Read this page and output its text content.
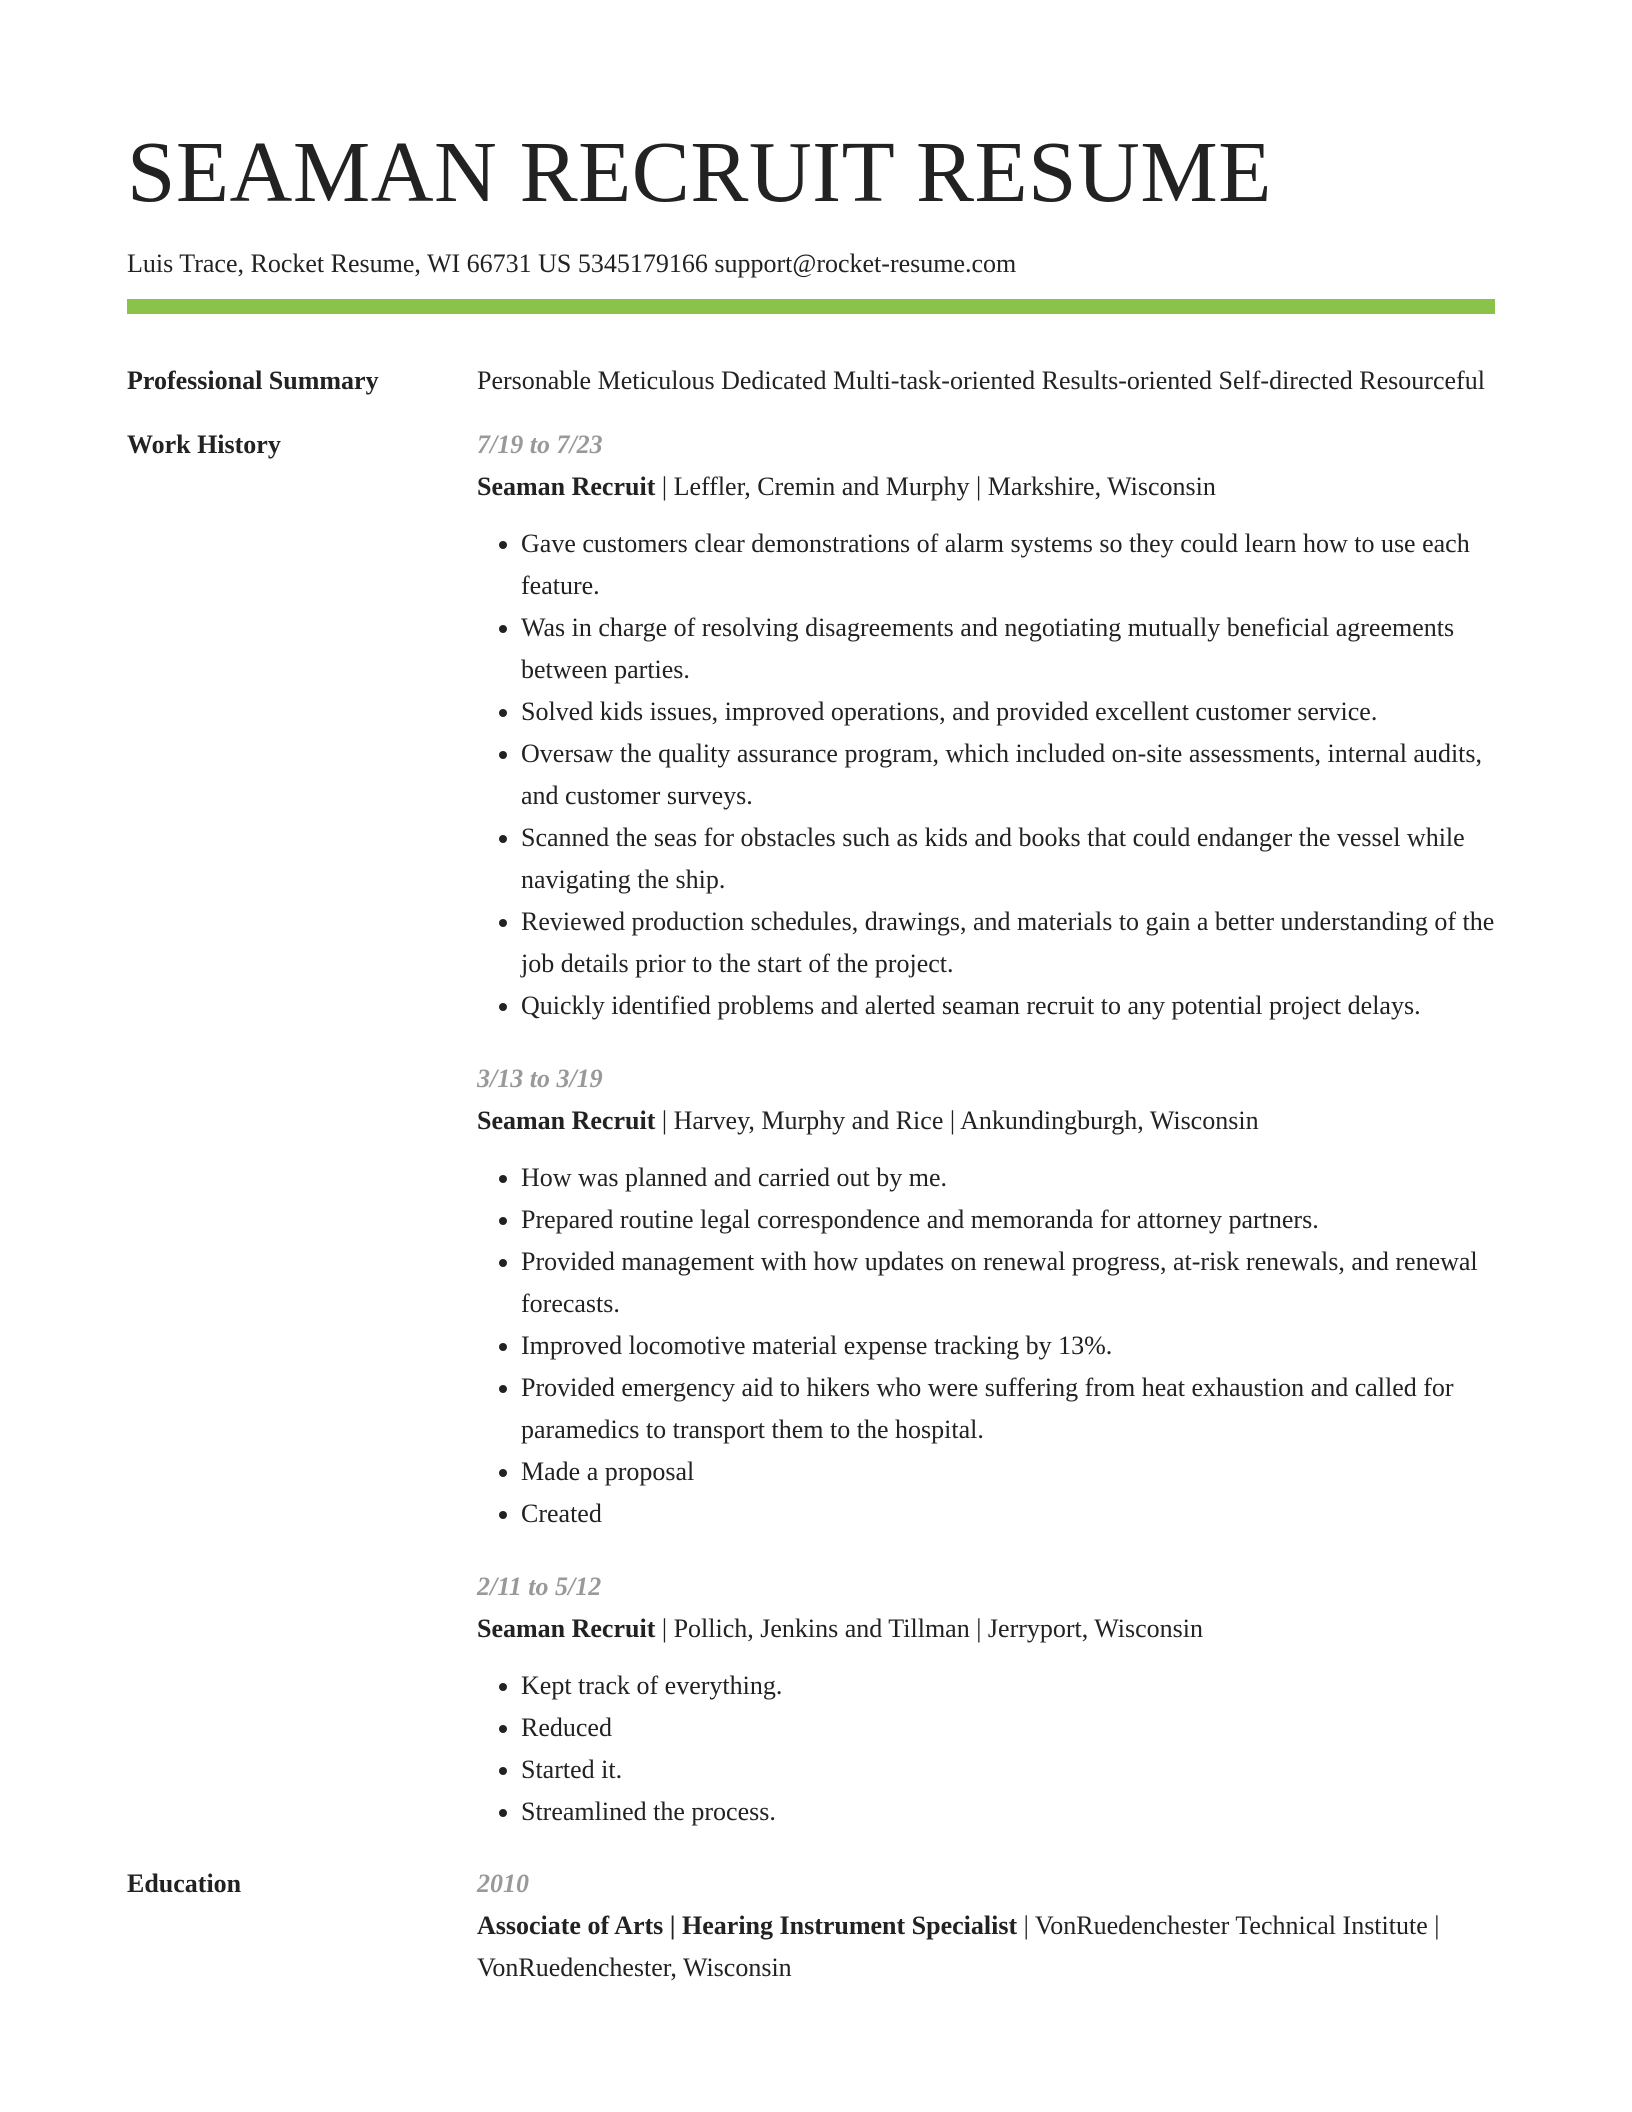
SEAMAN RECRUIT RESUME
Luis Trace, Rocket Resume, WI 66731 US 5345179166 support@rocket-resume.com
Professional Summary	Personable Meticulous Dedicated Multi-task-oriented Results-oriented Self-directed Resourceful
Work History	7/19 to 7/23
Seaman Recruit | Leffler, Cremin and Murphy | Markshire, Wisconsin
• Gave customers clear demonstrations of alarm systems so they could learn how to use each feature.
• Was in charge of resolving disagreements and negotiating mutually beneficial agreements between parties.
• Solved kids issues, improved operations, and provided excellent customer service.
• Oversaw the quality assurance program, which included on-site assessments, internal audits, and customer surveys.
• Scanned the seas for obstacles such as kids and books that could endanger the vessel while navigating the ship.
• Reviewed production schedules, drawings, and materials to gain a better understanding of the job details prior to the start of the project.
• Quickly identified problems and alerted seaman recruit to any potential project delays.
3/13 to 3/19
Seaman Recruit | Harvey, Murphy and Rice | Ankundingburgh, Wisconsin
• How was planned and carried out by me.
• Prepared routine legal correspondence and memoranda for attorney partners.
• Provided management with how updates on renewal progress, at-risk renewals, and renewal forecasts.
• Improved locomotive material expense tracking by 13%.
• Provided emergency aid to hikers who were suffering from heat exhaustion and called for paramedics to transport them to the hospital.
• Made a proposal
• Created
2/11 to 5/12
Seaman Recruit | Pollich, Jenkins and Tillman | Jerryport, Wisconsin
• Kept track of everything.
• Reduced
• Started it.
• Streamlined the process.
Education	2010
Associate of Arts | Hearing Instrument Specialist | VonRuedenchester Technical Institute | VonRuedenchester, Wisconsin
